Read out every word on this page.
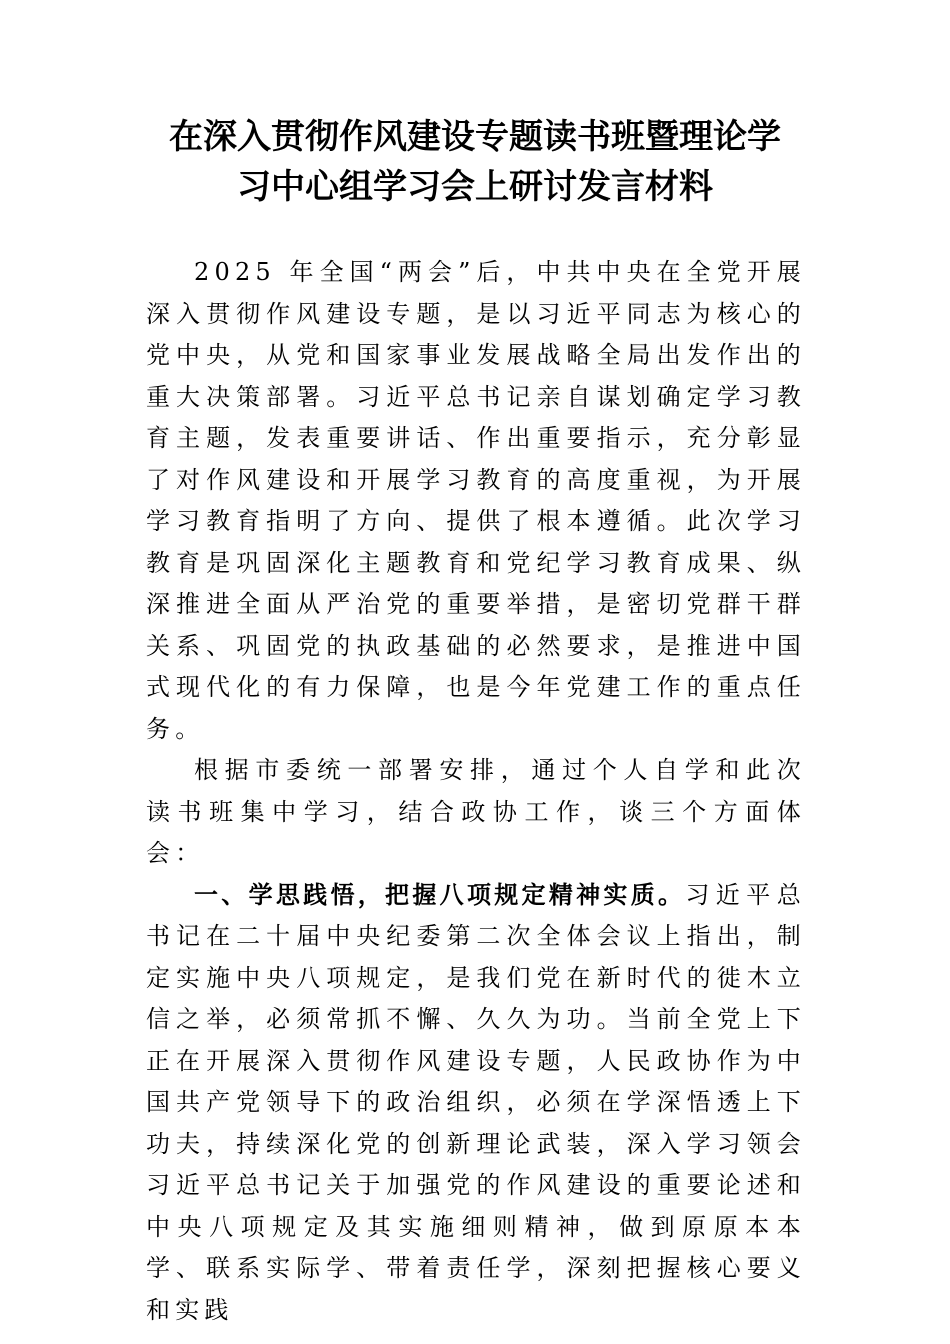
在深入贯彻作风建设专题读书班暨理论学
习中心组学习会上研讨发言材料

2025 年全国“两会”后，中共中央在全党开展深入贯彻作风建设专题，是以习近平同志为核心的党中央，从党和国家事业发展战略全局出发作出的重大决策部署。习近平总书记亲自谋划确定学习教育主题，发表重要讲话、作出重要指示，充分彰显了对作风建设和开展学习教育的高度重视，为开展学习教育指明了方向、提供了根本遵循。此次学习教育是巩固深化主题教育和党纪学习教育成果、纵深推进全面从严治党的重要举措，是密切党群干群关系、巩固党的执政基础的必然要求，是推进中国式现代化的有力保障，也是今年党建工作的重点任务。

根据市委统一部署安排，通过个人自学和此次读书班集中学习，结合政协工作，谈三个方面体会：

一、学思践悟，把握八项规定精神实质。习近平总书记在二十届中央纪委第二次全体会议上指出，制定实施中央八项规定，是我们党在新时代的徙木立信之举，必须常抓不懈、久久为功。当前全党上下正在开展深入贯彻作风建设专题，人民政协作为中国共产党领导下的政治组织，必须在学深悟透上下功夫，持续深化党的创新理论武装，深入学习领会习近平总书记关于加强党的作风建设的重要论述和中央八项规定及其实施细则精神，做到原原本本学、联系实际学、带着责任学，深刻把握核心要义和实践
